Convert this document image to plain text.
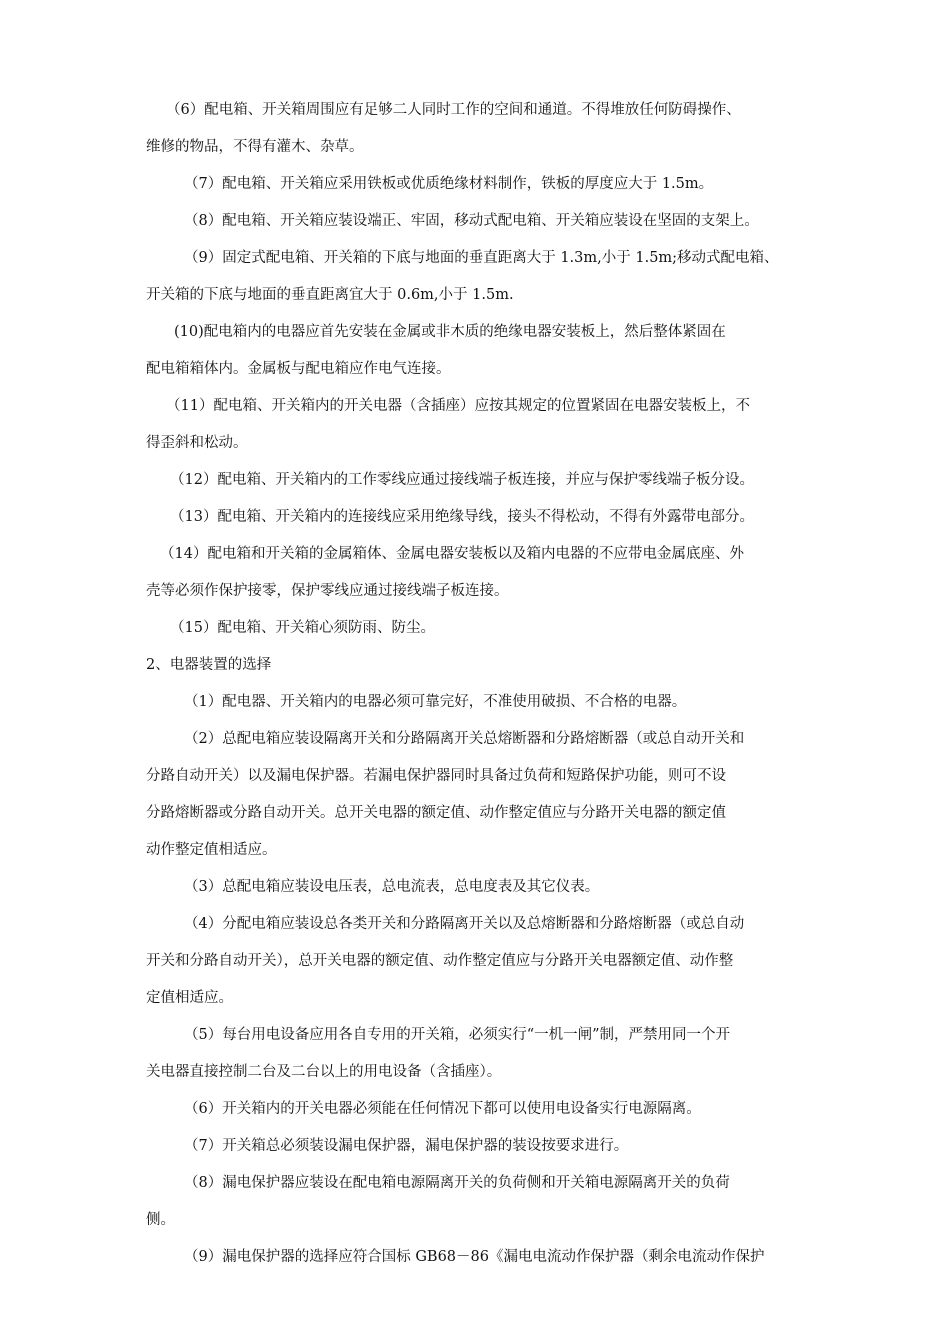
（6）配电箱、开关箱周围应有足够二人同时工作的空间和通道。不得堆放任何防碍操作、
维修的物品，不得有灌木、杂草。

（7）配电箱、开关箱应采用铁板或优质绝缘材料制作，铁板的厚度应大于 1.5m。

（8）配电箱、开关箱应装设端正、牢固，移动式配电箱、开关箱应装设在坚固的支架上。

（9）固定式配电箱、开关箱的下底与地面的垂直距离大于 1.3m,小于 1.5m;移动式配电箱、
开关箱的下底与地面的垂直距离宜大于 0.6m,小于 1.5m.

(10)配电箱内的电器应首先安装在金属或非木质的绝缘电器安装板上，然后整体紧固在
配电箱箱体内。金属板与配电箱应作电气连接。

（11）配电箱、开关箱内的开关电器（含插座）应按其规定的位置紧固在电器安装板上，不
得歪斜和松动。

（12）配电箱、开关箱内的工作零线应通过接线端子板连接，并应与保护零线端子板分设。

（13）配电箱、开关箱内的连接线应采用绝缘导线，接头不得松动，不得有外露带电部分。

（14）配电箱和开关箱的金属箱体、金属电器安装板以及箱内电器的不应带电金属底座、外
壳等必须作保护接零，保护零线应通过接线端子板连接。

（15）配电箱、开关箱心须防雨、防尘。

2、电器装置的选择

（1）配电器、开关箱内的电器必须可靠完好，不准使用破损、不合格的电器。

（2）总配电箱应装设隔离开关和分路隔离开关总熔断器和分路熔断器（或总自动开关和
分路自动开关）以及漏电保护器。若漏电保护器同时具备过负荷和短路保护功能，则可不设
分路熔断器或分路自动开关。总开关电器的额定值、动作整定值应与分路开关电器的额定值
动作整定值相适应。

（3）总配电箱应装设电压表，总电流表，总电度表及其它仪表。

（4）分配电箱应装设总各类开关和分路隔离开关以及总熔断器和分路熔断器（或总自动
开关和分路自动开关），总开关电器的额定值、动作整定值应与分路开关电器额定值、动作整
定值相适应。

（5）每台用电设备应用各自专用的开关箱，必须实行“一机一闸”制，严禁用同一个开
关电器直接控制二台及二台以上的用电设备（含插座）。

（6）开关箱内的开关电器必须能在任何情况下都可以使用电设备实行电源隔离。

（7）开关箱总必须装设漏电保护器，漏电保护器的装设按要求进行。

（8）漏电保护器应装设在配电箱电源隔离开关的负荷侧和开关箱电源隔离开关的负荷
侧。

（9）漏电保护器的选择应符合国标 GB68－86《漏电电流动作保护器（剩余电流动作保护
